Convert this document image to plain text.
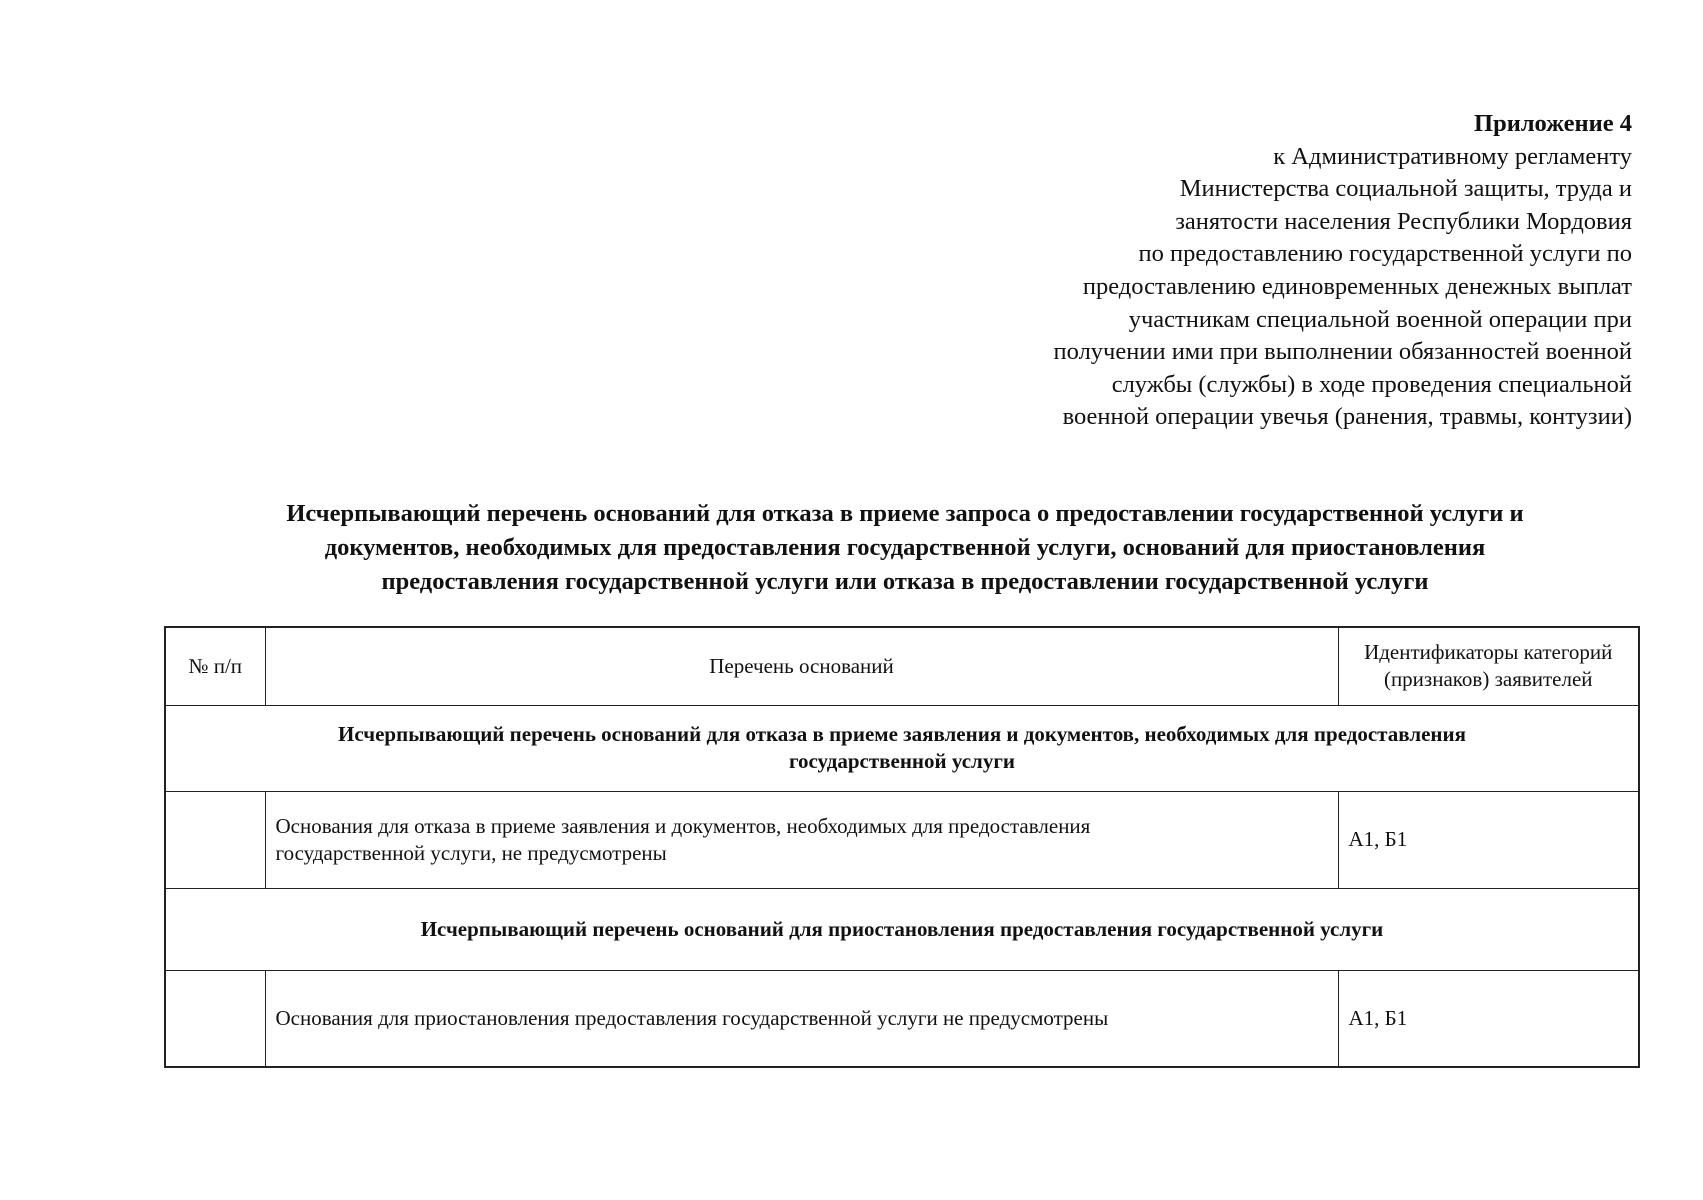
Приложение 4
к Административному регламенту
Министерства социальной защиты, труда и
занятости населения Республики Мордовия
по предоставлению государственной услуги по
предоставлению единовременных денежных выплат
участникам специальной военной операции при
получении ими при выполнении обязанностей военной
службы (службы) в ходе проведения специальной
военной операции увечья (ранения, травмы, контузии)
Исчерпывающий перечень оснований для отказа в приеме запроса о предоставлении государственной услуги и
документов, необходимых для предоставления государственной услуги, оснований для приостановления
предоставления государственной услуги или отказа в предоставлении государственной услуги
№ п/п	Перечень оснований	Идентификаторы категорий
(признаков) заявителей

Исчерпывающий перечень оснований для отказа в приеме заявления и документов, необходимых для предоставления
государственной услуги		

	Основания для отказа в приеме заявления и документов, необходимых для предоставления
государственной услуги, не предусмотрены	А1, Б1
Исчерпывающий перечень оснований для приостановления предоставления государственной услуги		
	Основания для приостановления предоставления государственной услуги не предусмотрены	А1, Б1
